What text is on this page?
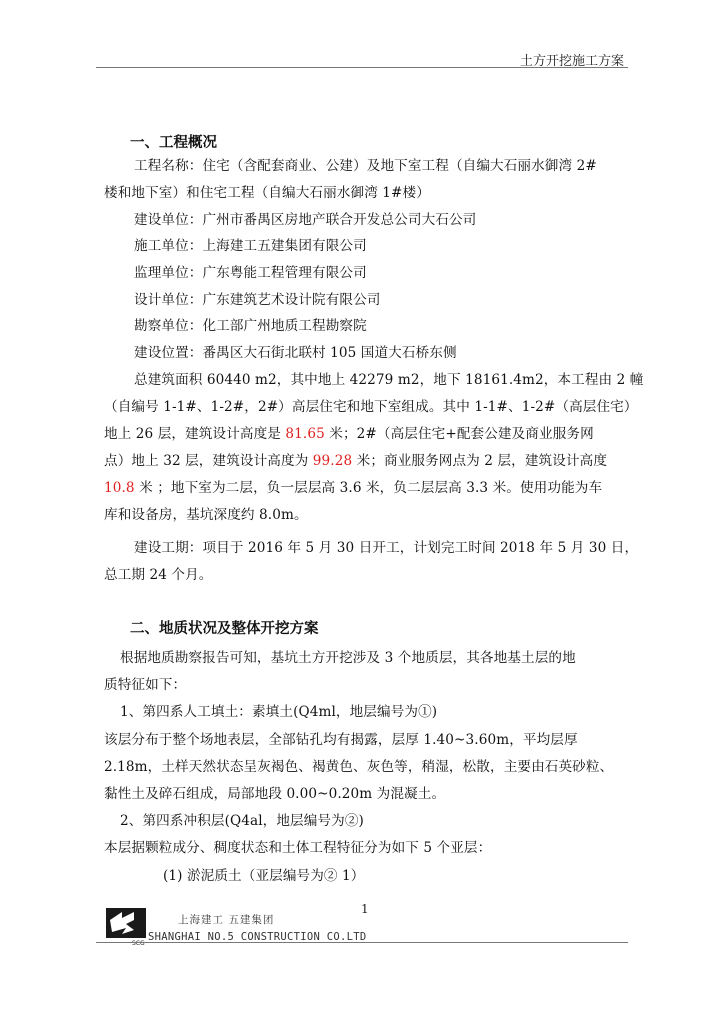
土方开挖施工方案
一、工程概况
工程名称：住宅（含配套商业、公建）及地下室工程（自编大石丽水御湾 2#
楼和地下室）和住宅工程（自编大石丽水御湾 1#楼）
建设单位：广州市番禺区房地产联合开发总公司大石公司
施工单位：上海建工五建集团有限公司
监理单位：广东粤能工程管理有限公司
设计单位：广东建筑艺术设计院有限公司
勘察单位：化工部广州地质工程勘察院
建设位置：番禺区大石街北联村 105 国道大石桥东侧
总建筑面积 60440 m2，其中地上 42279 m2，地下 18161.4m2，本工程由 2 幢
（自编号 1-1#、1-2#，2#）高层住宅和地下室组成。其中 1-1#、1-2#（高层住宅）
地上 26 层，建筑设计高度是 81.65 米；2#（高层住宅+配套公建及商业服务网
点）地上 32 层，建筑设计高度为 99.28 米；商业服务网点为 2 层，建筑设计高度
10.8 米 ；地下室为二层，负一层层高 3.6 米，负二层层高 3.3 米。使用功能为车
库和设备房，基坑深度约 8.0m。
建设工期：项目于 2016 年 5 月 30 日开工，计划完工时间 2018 年 5 月 30 日，
总工期 24 个月。
二、地质状况及整体开挖方案
根据地质勘察报告可知，基坑土方开挖涉及 3 个地质层，其各地基土层的地
质特征如下：
1、第四系人工填土：素填土(Q4ml，地层编号为①)
该层分布于整个场地表层，全部钻孔均有揭露，层厚 1.40~3.60m，平均层厚
2.18m，土样天然状态呈灰褐色、褐黄色、灰色等，稍湿，松散，主要由石英砂粒、
黏性土及碎石组成，局部地段 0.00~0.20m 为混凝土。
2、第四系冲积层(Q4al，地层编号为②)
本层据颗粒成分、稠度状态和土体工程特征分为如下 5 个亚层：
(1) 淤泥质土（亚层编号为② 1）
1
SCG
上海建工 五建集团
SHANGHAI NO.5 CONSTRUCTION CO.LTD
